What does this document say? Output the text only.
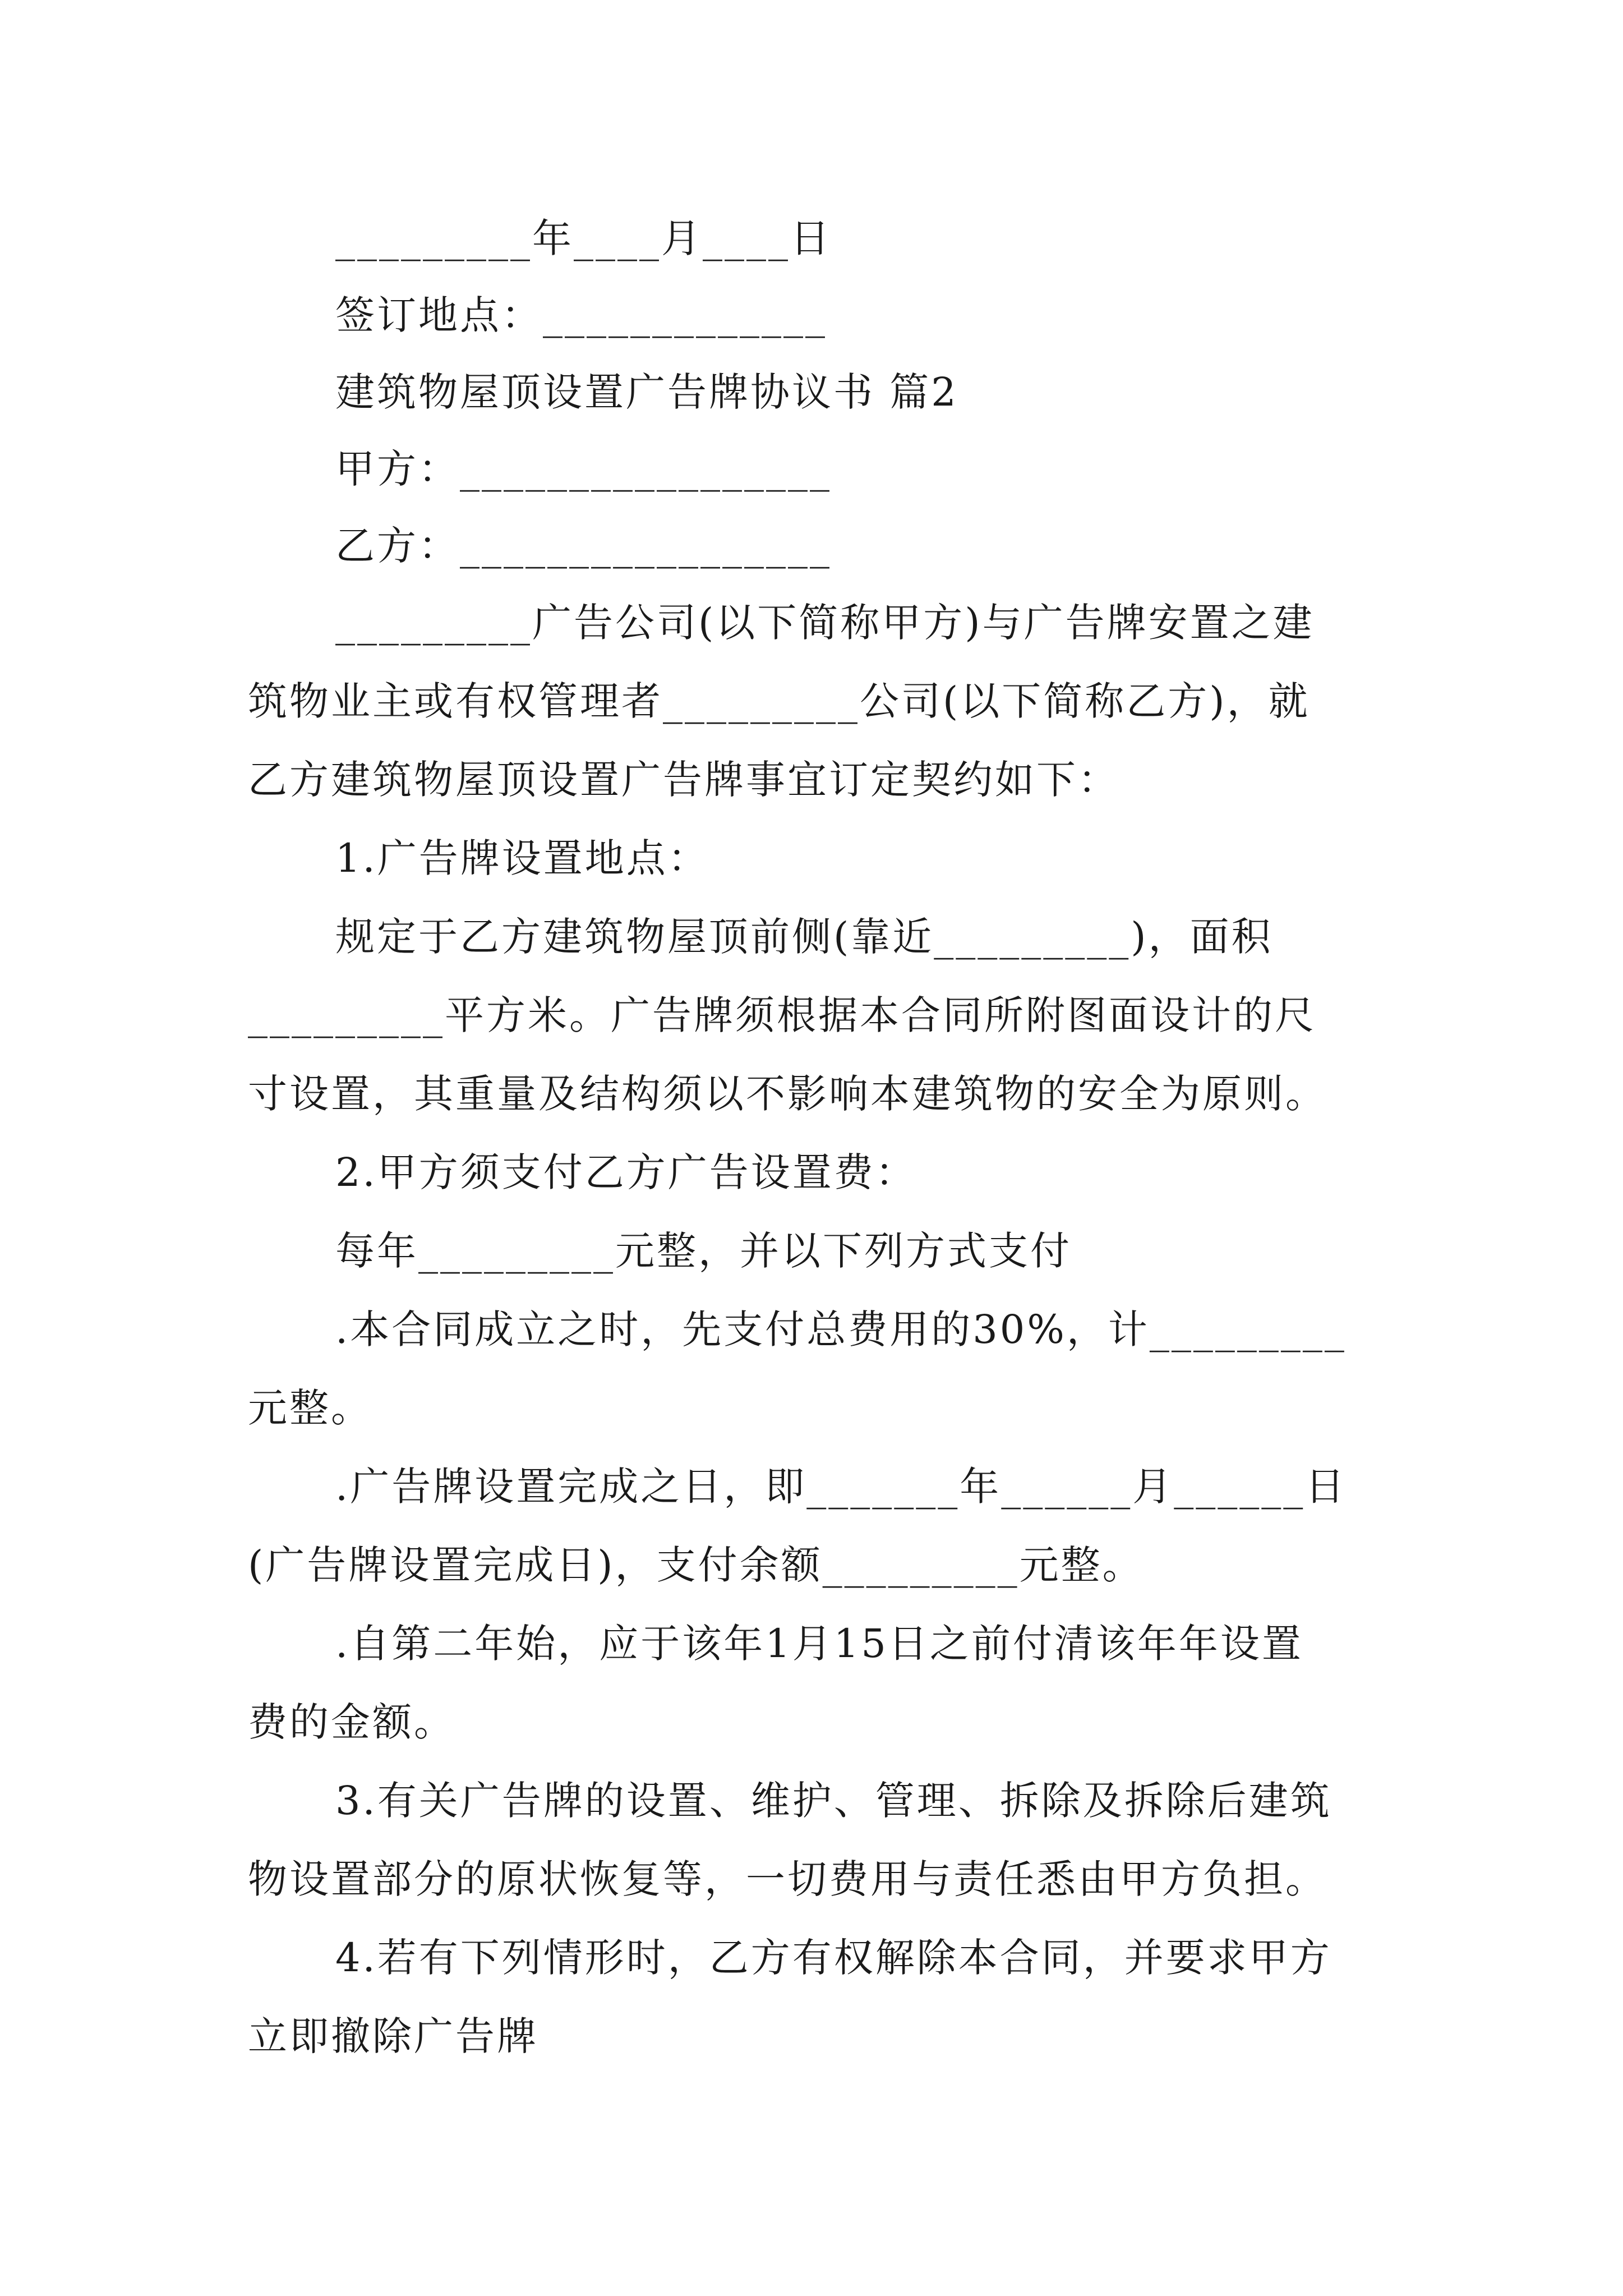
_________年____月____日
签订地点：_____________
建筑物屋顶设置广告牌协议书 篇2
甲方：_________________
乙方：_________________
_________广告公司(以下简称甲方)与广告牌安置之建
筑物业主或有权管理者_________公司(以下简称乙方)，就
乙方建筑物屋顶设置广告牌事宜订定契约如下：
1.广告牌设置地点：
规定于乙方建筑物屋顶前侧(靠近_________)，面积
_________平方米。广告牌须根据本合同所附图面设计的尺
寸设置，其重量及结构须以不影响本建筑物的安全为原则。
2.甲方须支付乙方广告设置费：
每年_________元整，并以下列方式支付
.本合同成立之时，先支付总费用的30%，计_________
元整。
.广告牌设置完成之日，即_______年______月______日
(广告牌设置完成日)，支付余额_________元整。
.自第二年始，应于该年1月15日之前付清该年年设置
费的金额。
3.有关广告牌的设置、维护、管理、拆除及拆除后建筑
物设置部分的原状恢复等，一切费用与责任悉由甲方负担。
4.若有下列情形时，乙方有权解除本合同，并要求甲方
立即撤除广告牌
